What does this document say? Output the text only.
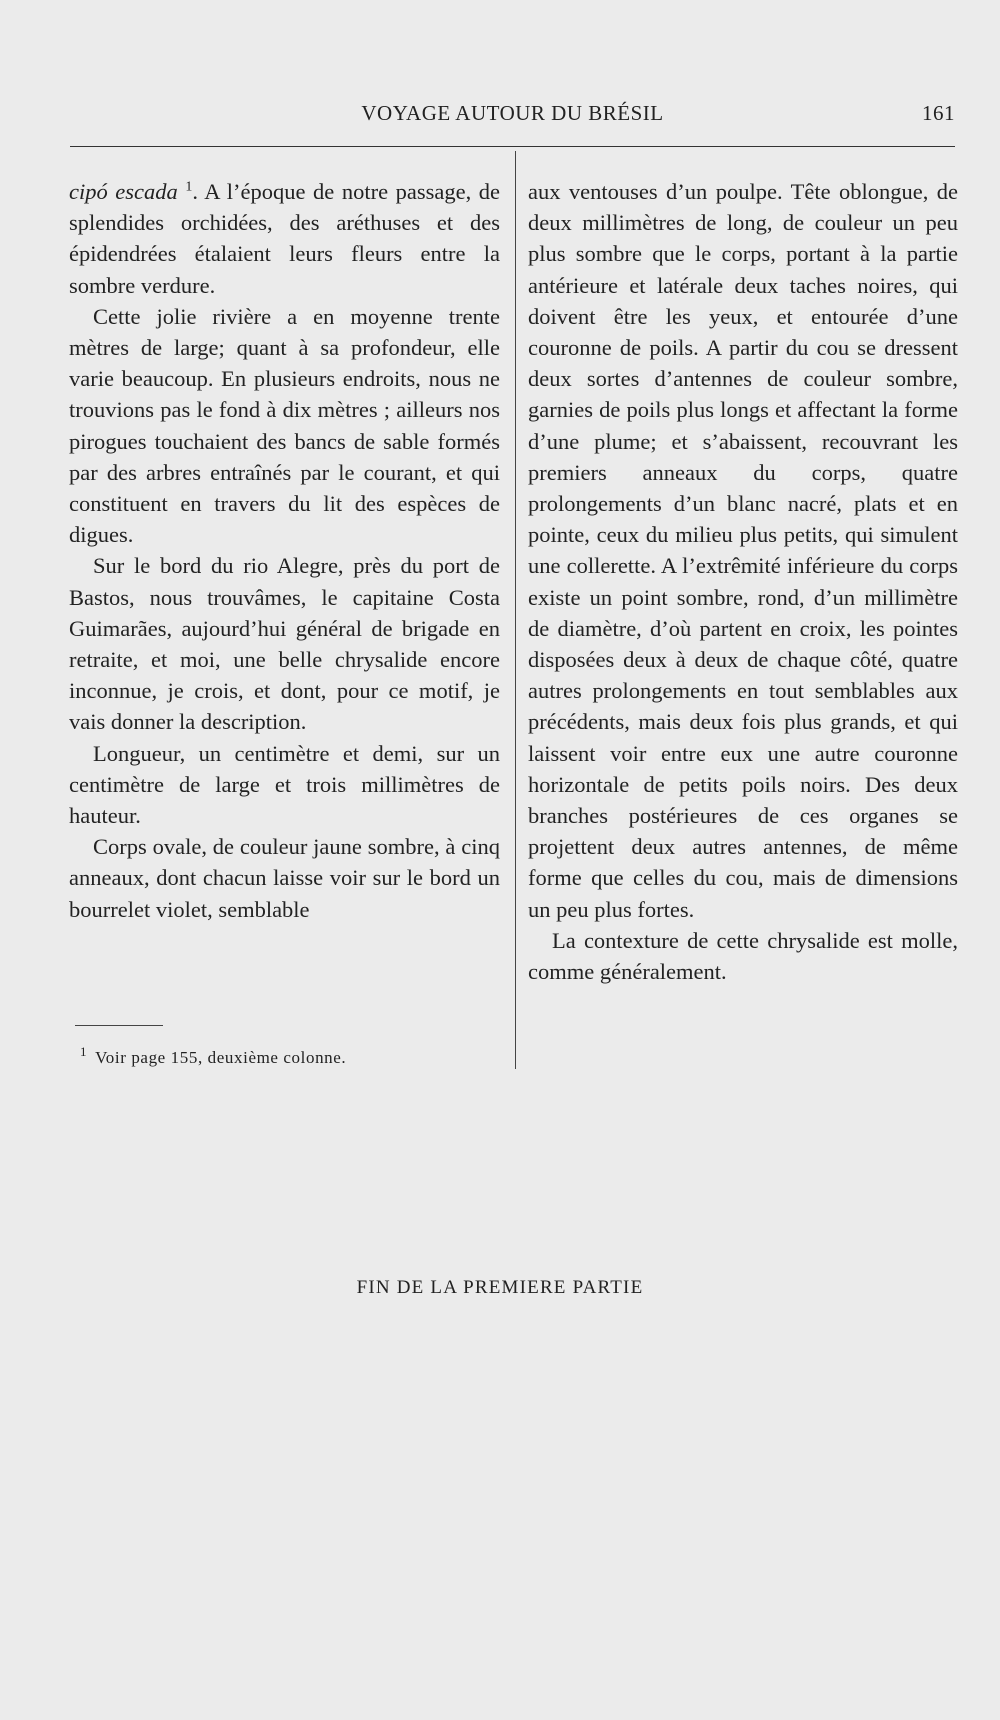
VOYAGE AUTOUR DU BRÉSIL	161

cipó escada $^1$. A l’époque de notre passage, de splendides orchidées, des aréthuses et des épidendrées étalaient leurs fleurs entre la sombre verdure.

Cette jolie rivière a en moyenne trente mètres de large; quant à sa profondeur, elle varie beaucoup. En plusieurs endroits, nous ne trouvions pas le fond à dix mètres ; ailleurs nos pirogues touchaient des bancs de sable formés par des arbres entraînés par le courant, et qui constituent en travers du lit des espèces de digues.

Sur le bord du rio Alegre, près du port de Bastos, nous trouvâmes, le capitaine Costa Guimarães, aujourd’hui général de brigade en retraite, et moi, une belle chrysalide encore inconnue, je crois, et dont, pour ce motif, je vais donner la description.

Longueur, un centimètre et demi, sur un centimètre de large et trois millimètres de hauteur.

Corps ovale, de couleur jaune sombre, à cinq anneaux, dont chacun laisse voir sur le bord un bourrelet violet, semblable

aux ventouses d’un poulpe. Tête oblongue, de deux millimètres de long, de couleur un peu plus sombre que le corps, portant à la partie antérieure et latérale deux taches noires, qui doivent être les yeux, et entourée d’une couronne de poils. A partir du cou se dressent deux sortes d’antennes de couleur sombre, garnies de poils plus longs et affectant la forme d’une plume; et s’abaissent, recouvrant les premiers anneaux du corps, quatre prolongements d’un blanc nacré, plats et en pointe, ceux du milieu plus petits, qui simulent une collerette. A l’extrêmité inférieure du corps existe un point sombre, rond, d’un millimètre de diamètre, d’où partent en croix, les pointes disposées deux à deux de chaque côté, quatre autres prolongements en tout semblables aux précédents, mais deux fois plus grands, et qui laissent voir entre eux une autre couronne horizontale de petits poils noirs. Des deux branches postérieures de ces organes se projettent deux autres antennes, de même forme que celles du cou, mais de dimensions un peu plus fortes.

La contexture de cette chrysalide est molle, comme généralement.

$^1$ Voir page 155, deuxième colonne.
FIN DE LA PREMIERE PARTIE
